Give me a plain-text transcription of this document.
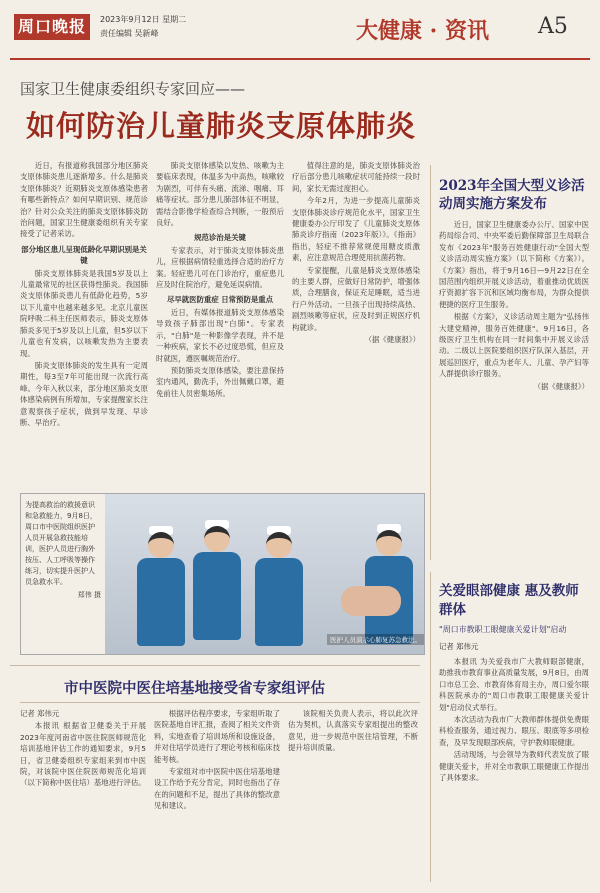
周口晚报	2023年9月12日 星期二
责任编辑 吴新峰	大健康 · 资讯 A5
国家卫生健康委组织专家回应——
如何防治儿童肺炎支原体肺炎

近日，有报道称我国部分地区肺炎支原体肺炎患儿逐渐增多。什么是肺炎支原体肺炎？近期肺炎支原体感染患者有哪些新特点？如何早期识别、规范诊治？针对公众关注的肺炎支原体肺炎防治问题，国家卫生健康委组织有关专家接受了记者采访。

部分地区患儿呈现低龄化早期识别是关键

肺炎支原体肺炎是我国5岁及以上儿童最常见的社区获得性肺炎。我国肺炎支原体肺炎患儿有低龄化趋势，5岁以下儿童中也越来越多见。北京儿童医院呼吸二科主任医师表示，肺炎支原体肺炎多见于5岁及以上儿童，但5岁以下儿童也有发病，以咳嗽发热为主要表现。

肺炎支原体肺炎的发生具有一定周期性，每3至7年可能出现一次流行高峰。今年入秋以来，部分地区肺炎支原体感染病例有所增加，专家提醒家长注意观察孩子症状，做到早发现、早诊断、早治疗。

肺炎支原体感染以发热、咳嗽为主要临床表现，体温多为中高热，咳嗽较为剧烈，可伴有头痛、流涕、咽痛、耳痛等症状。部分患儿肺部体征不明显，需结合影像学检查综合判断，一般预后良好。

规范诊治是关键

专家表示，对于肺炎支原体肺炎患儿，应根据病情轻重选择合适的治疗方案。轻症患儿可在门诊治疗，重症患儿应及时住院治疗，避免延误病情。

尽早就医防重症 日常预防是重点

近日，有媒体报道肺炎支原体感染导致孩子肺部出现"白肺"。专家表示，"白肺"是一种影像学表现，并不是一种疾病，家长不必过度恐慌，但应及时就医，遵医嘱规范治疗。

预防肺炎支原体感染，要注意保持室内通风，勤洗手，外出佩戴口罩，避免前往人员密集场所。

值得注意的是，肺炎支原体肺炎治疗后部分患儿咳嗽症状可能持续一段时间，家长无需过度担心。

今年2月，为进一步提高儿童肺炎支原体肺炎诊疗规范化水平，国家卫生健康委办公厅印发了《儿童肺炎支原体肺炎诊疗指南（2023年版）》。《指南》指出，轻症不推荐常规使用糖皮质激素，应注意规范合理使用抗菌药物。

专家提醒，儿童是肺炎支原体感染的主要人群，应做好日常防护，增强体质，合理膳食，保证充足睡眠，适当进行户外活动。一旦孩子出现持续高热、剧烈咳嗽等症状，应及时到正规医疗机构就诊。

（据《健康报》）

2023年全国大型义诊活动周实施方案发布

近日，国家卫生健康委办公厅、国家中医药局综合司、中央军委后勤保障部卫生局联合发布《2023年"服务百姓健康行动"全国大型义诊活动周实施方案》（以下简称《方案》）。《方案》指出，将于9月16日—9月22日在全国范围内组织开展义诊活动，着重推动优质医疗资源扩容下沉和区域均衡布局，为群众提供便捷的医疗卫生服务。

根据《方案》，义诊活动周主题为"弘扬伟大建党精神，服务百姓健康"。9月16日，各级医疗卫生机构在同一时间集中开展义诊活动。二级以上医院要组织医疗队深入基层，开展巡回医疗，重点为老年人、儿童、孕产妇等人群提供诊疗服务。

（据《健康报》）

为提高救治的救援意识和急救能力，9月8日，周口市中医院组织医护人员开展急救技能培训，医护人员进行胸外按压、人工呼吸等操作练习，切实提升医护人员急救水平。
郑伟 摄
医护人员演示心肺复苏急救法。
关爱眼部健康 惠及教师群体
"周口市教职工眼健康关爱计划"启动
记者 郑伟元

本报讯 为关爱我市广大教师眼部健康，助推我市教育事业高质量发展，9月8日，由周口市总工会、市教育体育局主办，周口爱尔眼科医院承办的"周口市教职工眼健康关爱计划"启动仪式举行。

本次活动为我市广大教师群体提供免费眼科检查服务，通过视力、眼压、眼底等多项检查，及早发现眼部疾病，守护教师眼健康。

活动现场，与会领导为教师代表发放了眼健康关爱卡，并对全市教职工眼健康工作提出了具体要求。

市中医院中医住培基地接受省专家组评估

记者 郑伟元

本报讯 根据省卫健委关于开展2023年度河南省中医住院医师规范化培训基地评估工作的通知要求，9月5日，省卫健委组织专家组来到市中医院，对该院中医住院医师规范化培训（以下简称中医住培）基地进行评估。

根据评估程序要求，专家组听取了医院基地自评汇报，查阅了相关文件资料，实地查看了培训场所和设施设备，并对住培学员进行了理论考核和临床技能考核。

专家组对市中医院中医住培基地建设工作给予充分肯定，同时也指出了存在的问题和不足，提出了具体的整改意见和建议。

该院相关负责人表示，将以此次评估为契机，认真落实专家组提出的整改意见，进一步规范中医住培管理，不断提升培训质量。
